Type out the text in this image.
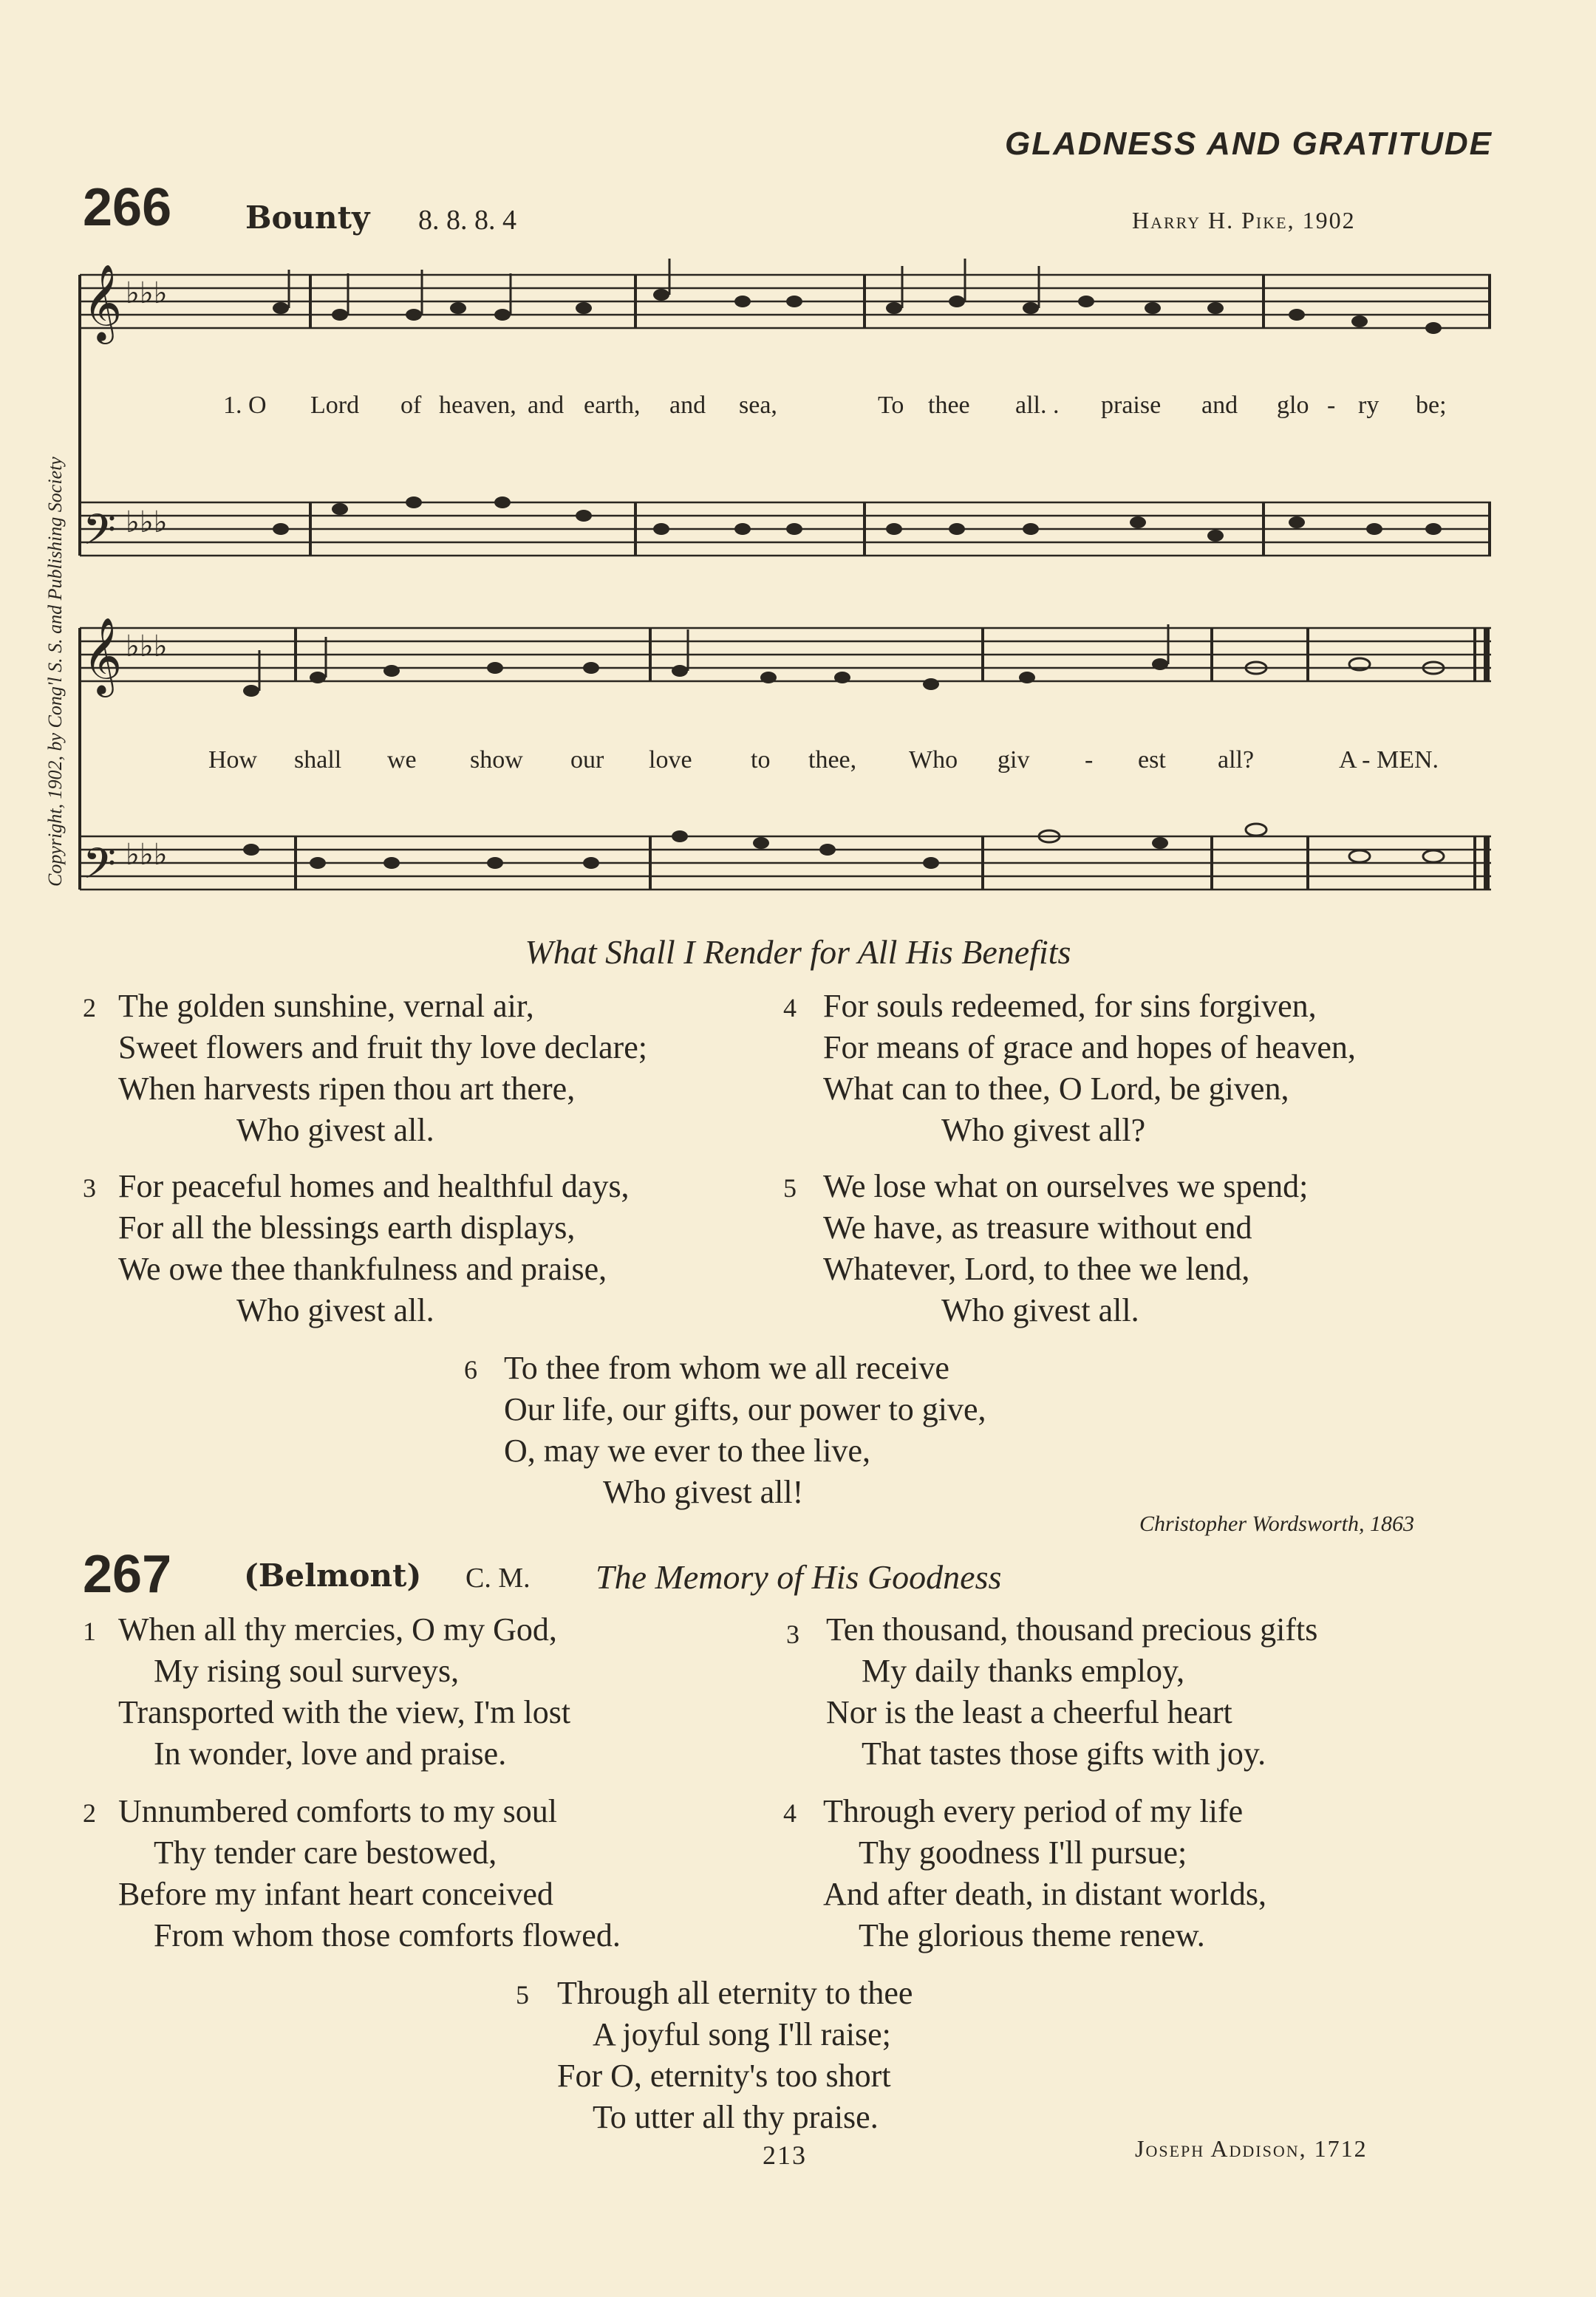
GLADNESS AND GRATITUDE
266 Bounty 8. 8. 8. 4	Harry H. Pike, 1902
Copyright, 1902, by Cong'l S. S. and Publishing Society
𝄞
𝄢
𝄞
𝄢
♭♭♭
♭♭♭
♭♭♭
♭♭♭
1. O Lord of heaven, and earth, and sea,	To thee all. . praise and glo - ry be;
How shall we show our love to thee, Who giv - est all?	A - MEN.
What Shall I Render for All His Benefits
2 The golden sunshine, vernal air,
Sweet flowers and fruit thy love declare;
When harvests ripen thou art there,
Who givest all.
3 For peaceful homes and healthful days,
For all the blessings earth displays,
We owe thee thankfulness and praise,
Who givest all.
4 For souls redeemed, for sins forgiven,
For means of grace and hopes of heaven,
What can to thee, O Lord, be given,
Who givest all?
5 We lose what on ourselves we spend;
We have, as treasure without end
Whatever, Lord, to thee we lend,
Who givest all.
6 To thee from whom we all receive
Our life, our gifts, our power to give,
O, may we ever to thee live,
Who givest all!
Christopher Wordsworth, 1863
267 (Belmont) C. M. The Memory of His Goodness
1 When all thy mercies, O my God,
My rising soul surveys,
Transported with the view, I'm lost
In wonder, love and praise.
2 Unnumbered comforts to my soul
Thy tender care bestowed,
Before my infant heart conceived
From whom those comforts flowed.
3 Ten thousand, thousand precious gifts
My daily thanks employ,
Nor is the least a cheerful heart
That tastes those gifts with joy.
4 Through every period of my life
Thy goodness I'll pursue;
And after death, in distant worlds,
The glorious theme renew.
5 Through all eternity to thee
A joyful song I'll raise;
For O, eternity's too short
To utter all thy praise.
213	Joseph Addison, 1712
